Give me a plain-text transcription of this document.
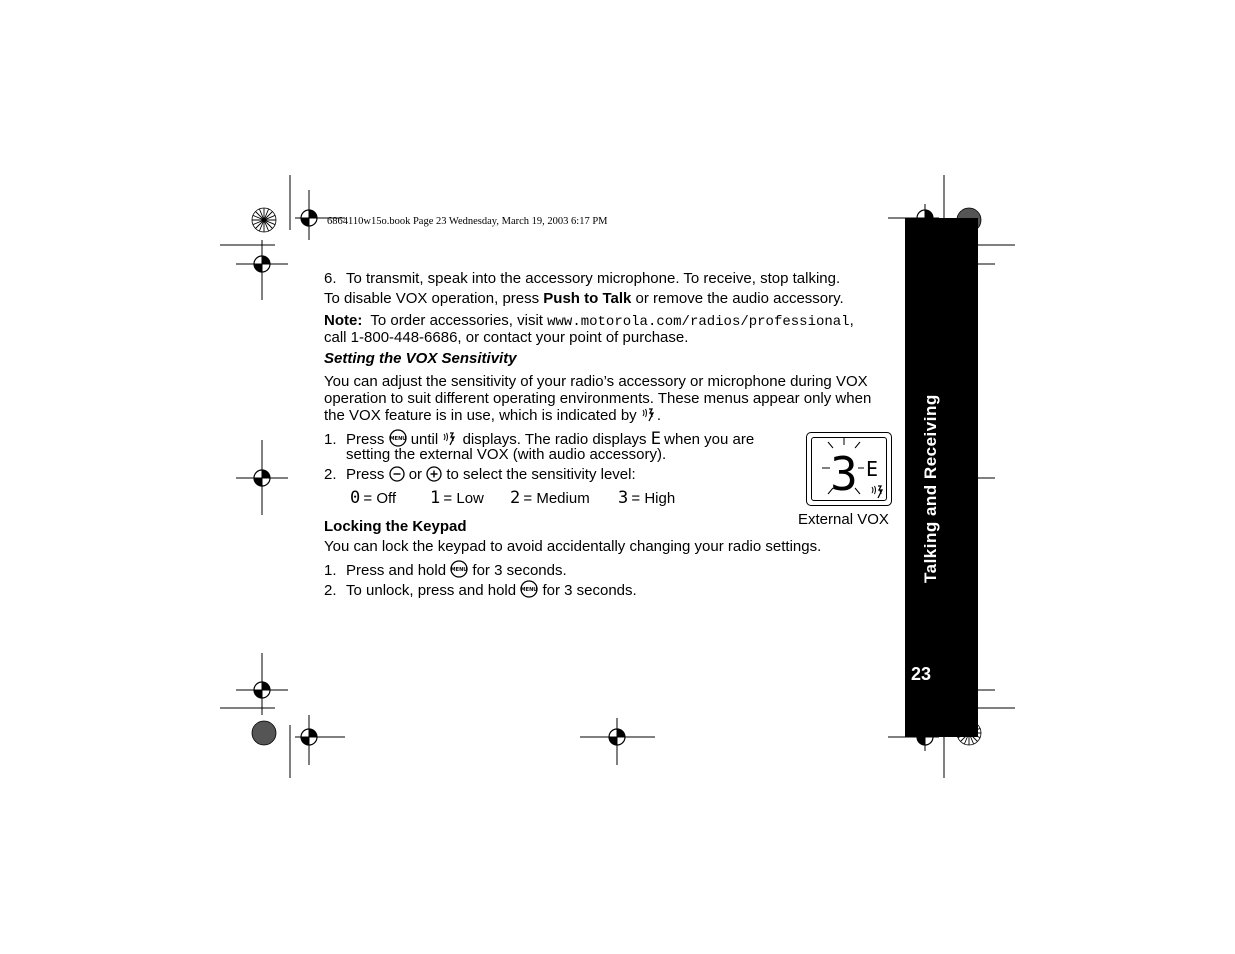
6864110w15o.book Page 23 Wednesday, March 19, 2003 6:17 PM
Talking and Receiving
23
6. To transmit, speak into the accessory microphone. To receive, stop talking.
To disable VOX operation, press Push to Talk or remove the audio accessory.
Note:  To order accessories, visit www.motorola.com/radios/professional,
call 1-800-448-6686, or contact your point of purchase.
Setting the VOX Sensitivity
You can adjust the sensitivity of your radio’s accessory or microphone during VOX
operation to suit different operating environments. These menus appear only when
the VOX feature is in use, which is indicated by .
1. Press MENU until displays. The radio displays E when you are
setting the external VOX (with audio accessory).
2. Press or to select the sensitivity level:
0 = Off 1 = Low 2 = Medium 3 = High	3 E
External VOX
Locking the Keypad
You can lock the keypad to avoid accidentally changing your radio settings.
1. Press and hold MENU for 3 seconds.
2. To unlock, press and hold MENU for 3 seconds.
